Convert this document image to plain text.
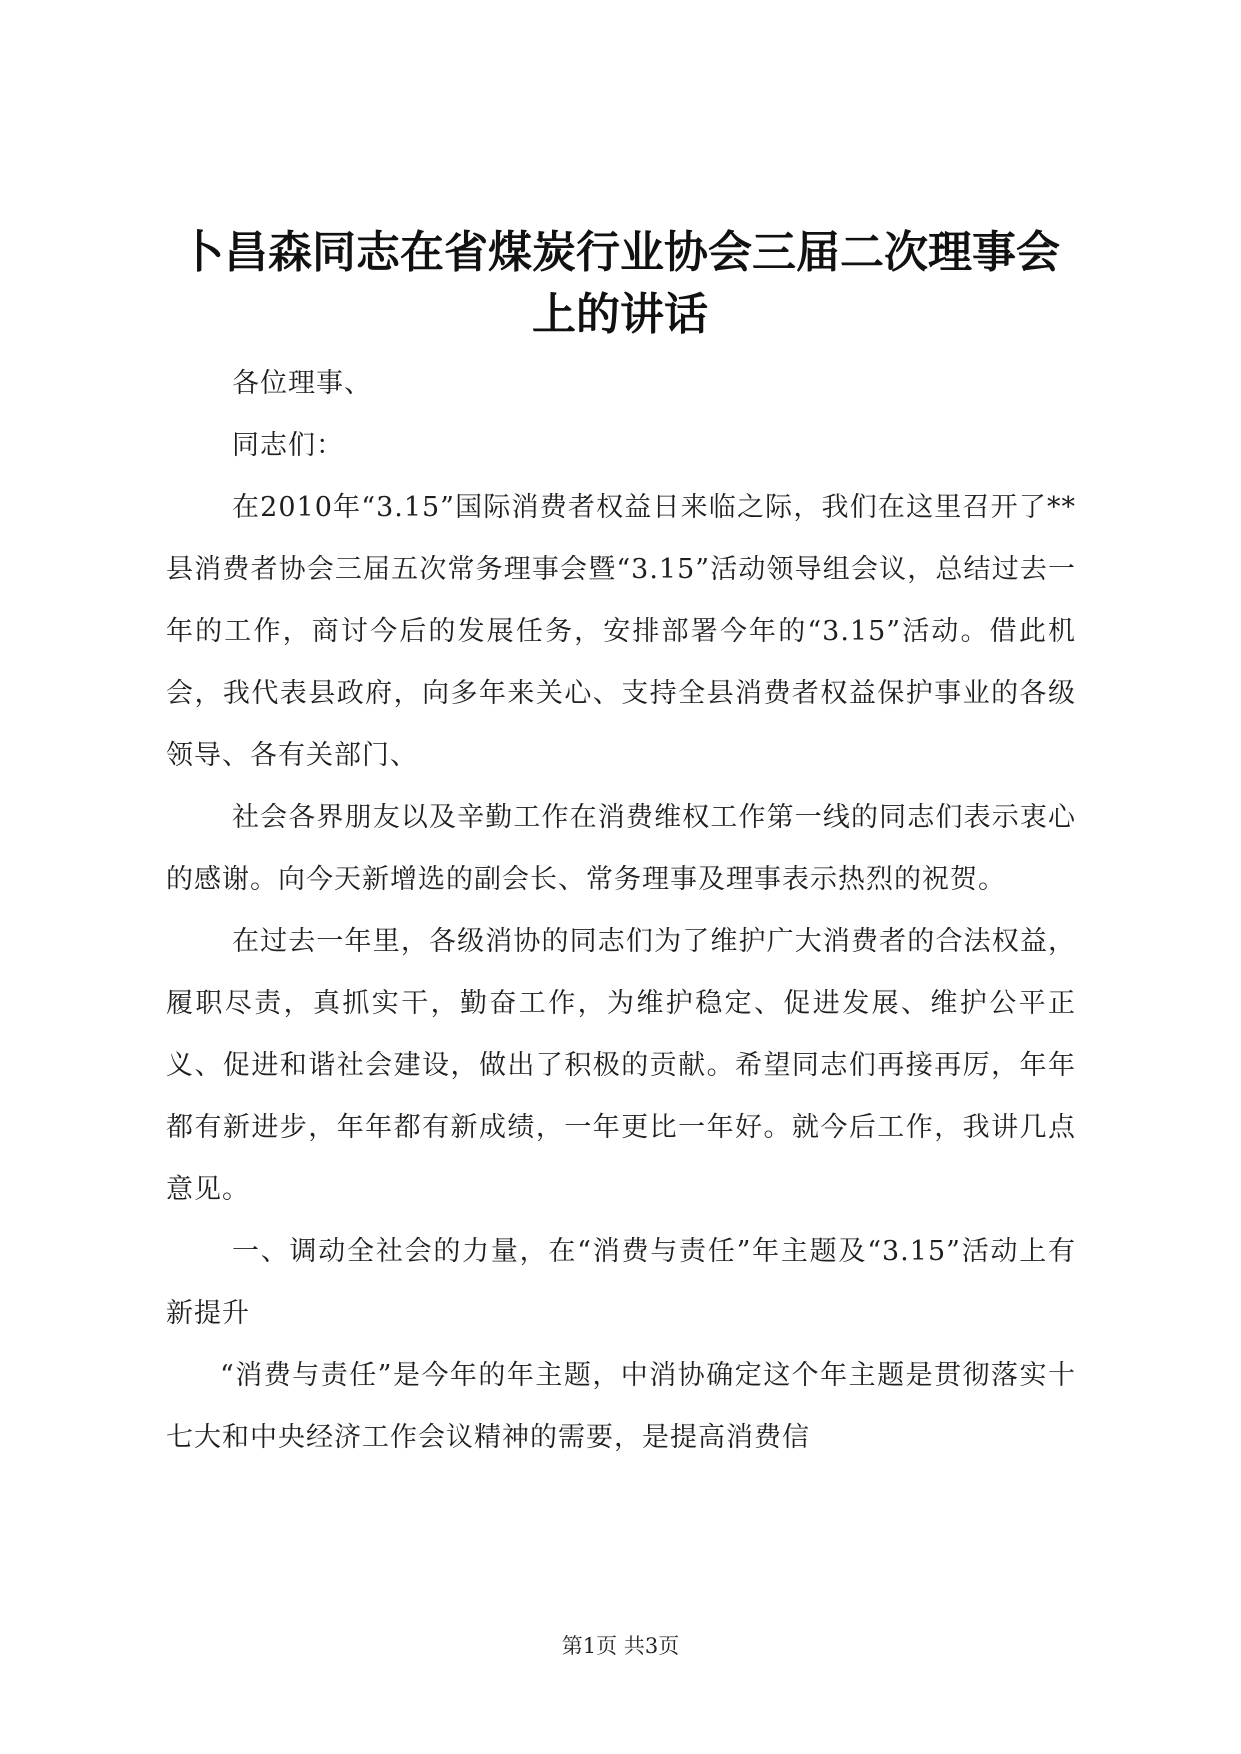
卜昌森同志在省煤炭行业协会三届二次理事会
上的讲话

各位理事、

同志们：

在2010年“3.15”国际消费者权益日来临之际，我们在这里召开了**县消费者协会三届五次常务理事会暨“3.15”活动领导组会议，总结过去一年的工作，商讨今后的发展任务，安排部署今年的“3.15”活动。借此机会，我代表县政府，向多年来关心、支持全县消费者权益保护事业的各级领导、各有关部门、

社会各界朋友以及辛勤工作在消费维权工作第一线的同志们表示衷心的感谢。向今天新增选的副会长、常务理事及理事表示热烈的祝贺。

在过去一年里，各级消协的同志们为了维护广大消费者的合法权益，履职尽责，真抓实干，勤奋工作，为维护稳定、促进发展、维护公平正义、促进和谐社会建设，做出了积极的贡献。希望同志们再接再厉，年年都有新进步，年年都有新成绩，一年更比一年好。就今后工作，我讲几点意见。

一、调动全社会的力量，在“消费与责任”年主题及“3.15”活动上有新提升

“消费与责任”是今年的年主题，中消协确定这个年主题是贯彻落实十七大和中央经济工作会议精神的需要，是提高消费信

第1页 共3页
